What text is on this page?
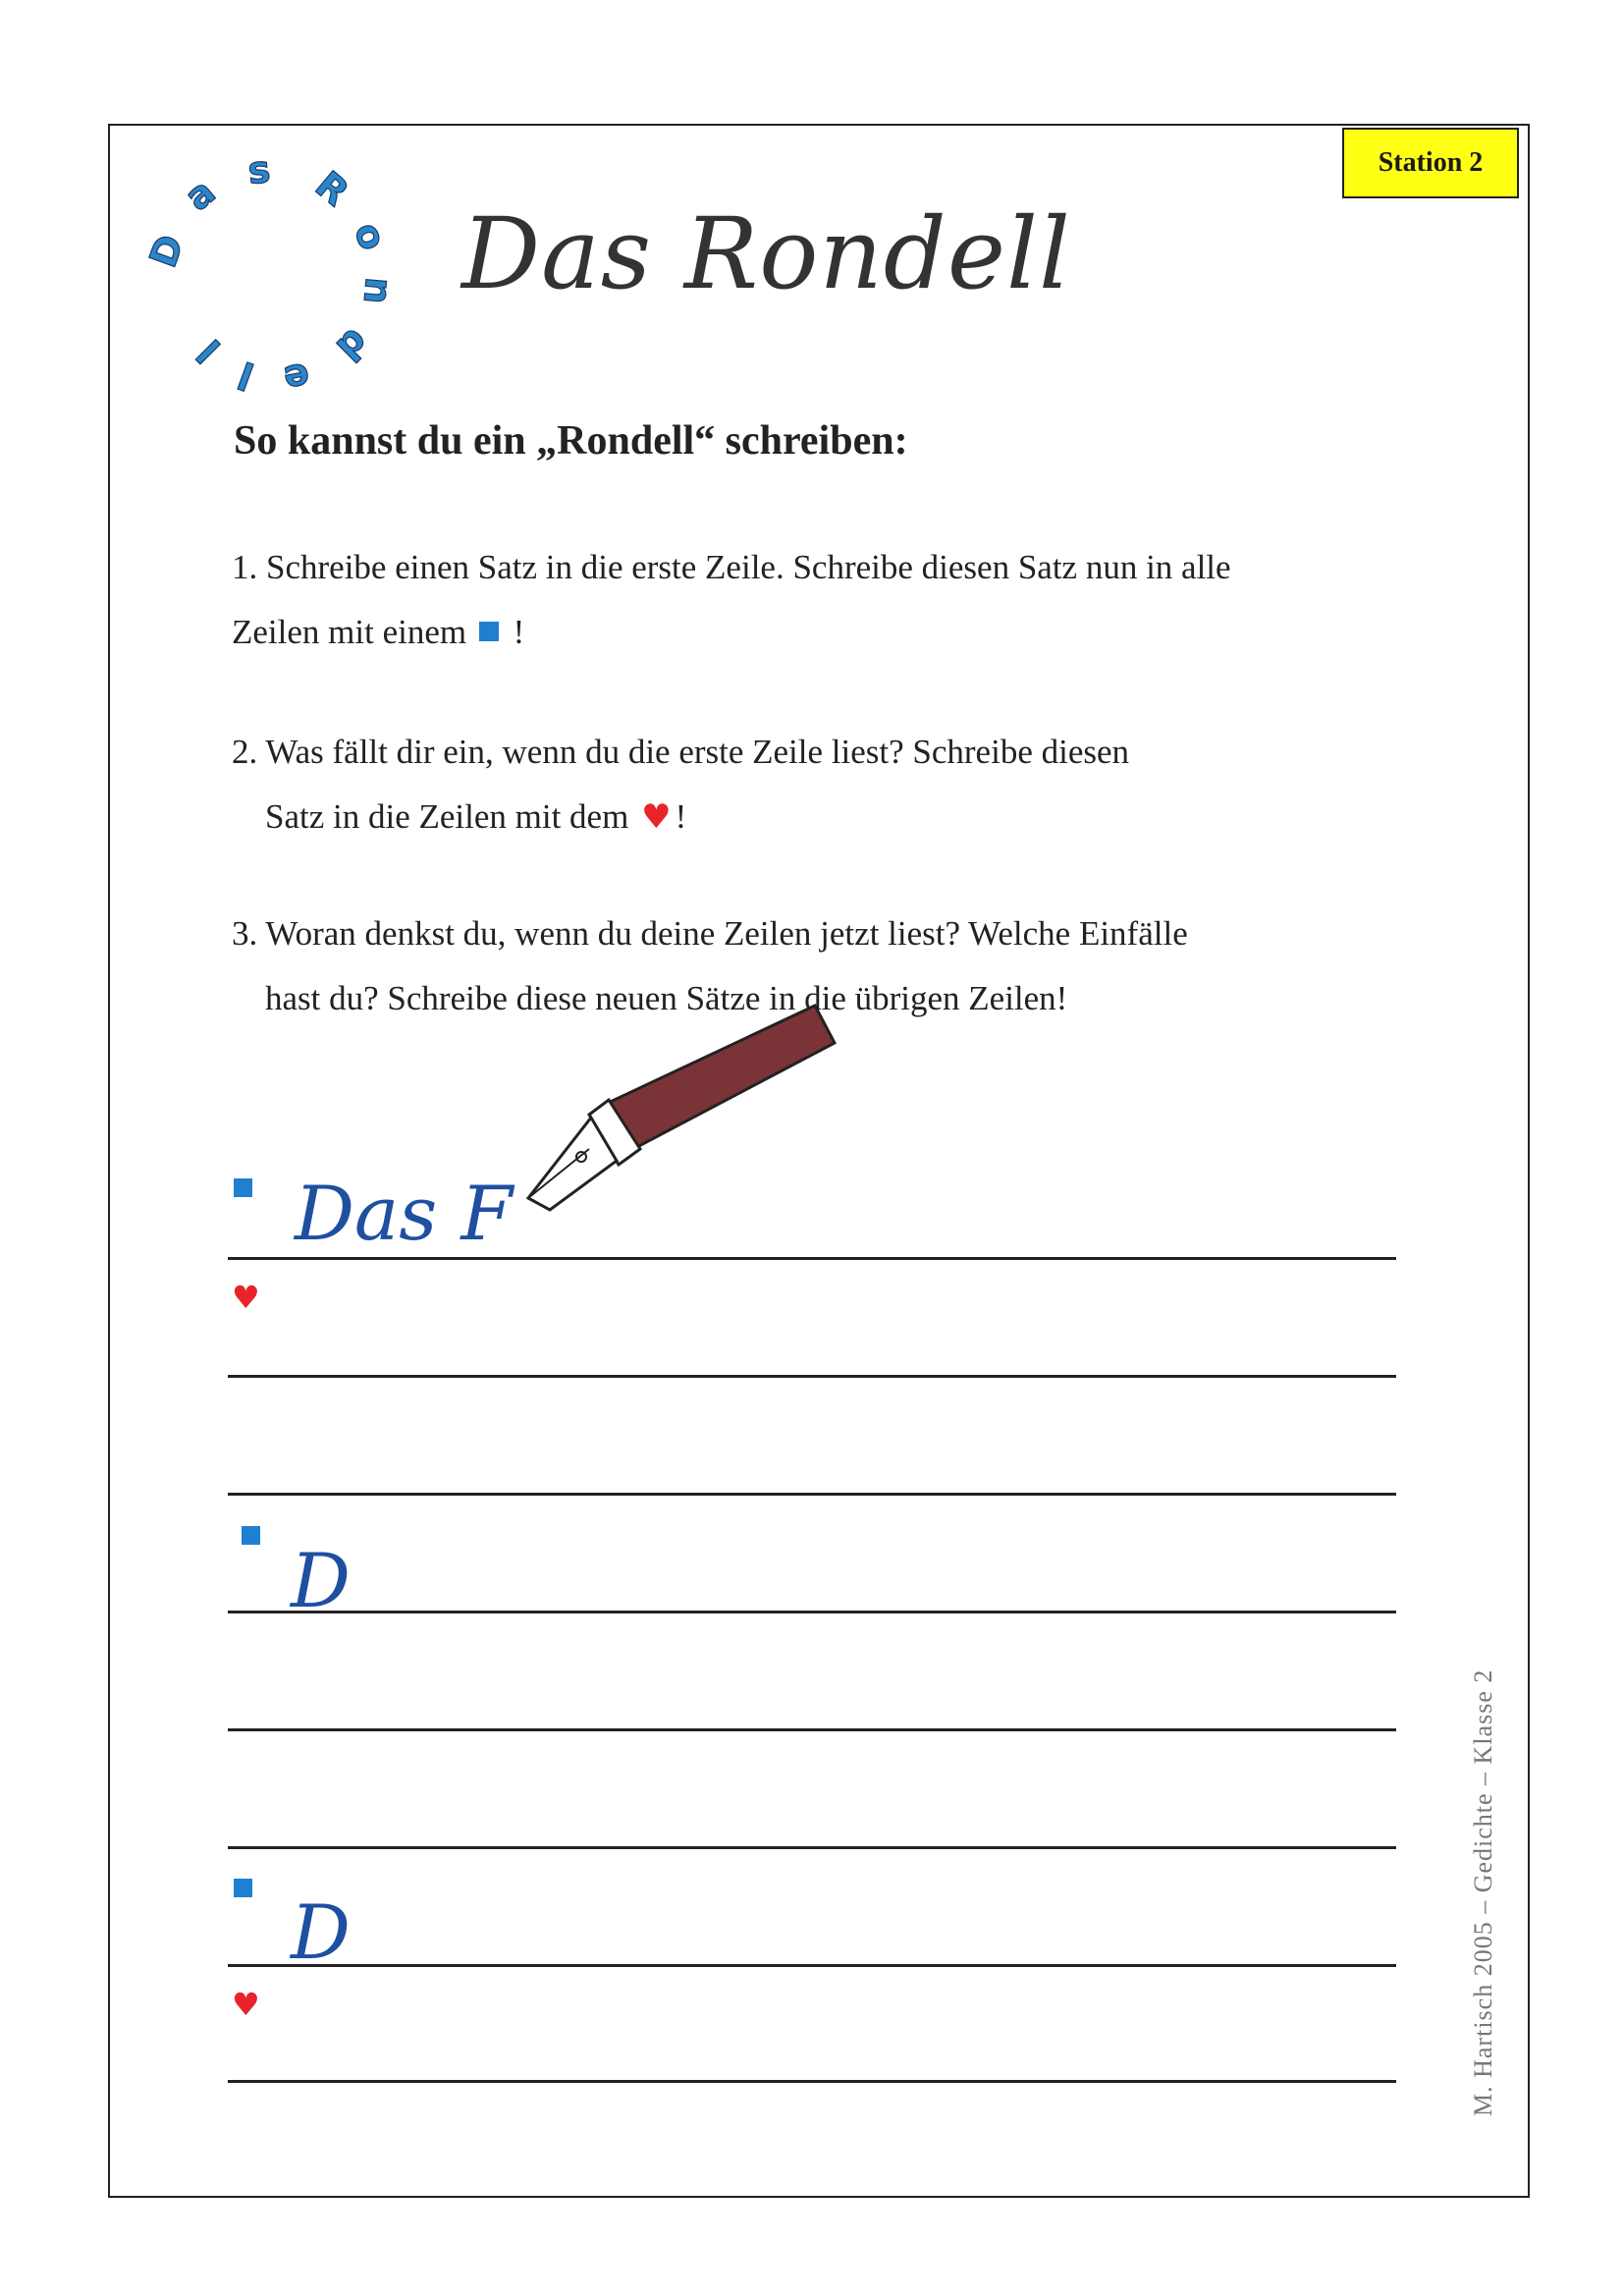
Station 2
D
a s R
o
n
d
e
l
l
Das Rondell
So kannst du ein „Rondell“ schreiben:
1. Schreibe einen Satz in die erste Zeile. Schreibe diesen Satz nun in alle
Zeilen mit einem !
2. Was fällt dir ein, wenn du die erste Zeile liest? Schreibe diesen
Satz in die Zeilen mit dem ♥ !
3. Woran denkst du, wenn du deine Zeilen jetzt liest? Welche Einfälle
hast du? Schreibe diese neuen Sätze in die übrigen Zeilen!
♥
♥
Das F
D
D	M. Hartisch 2005 – Gedichte – Klasse 2
